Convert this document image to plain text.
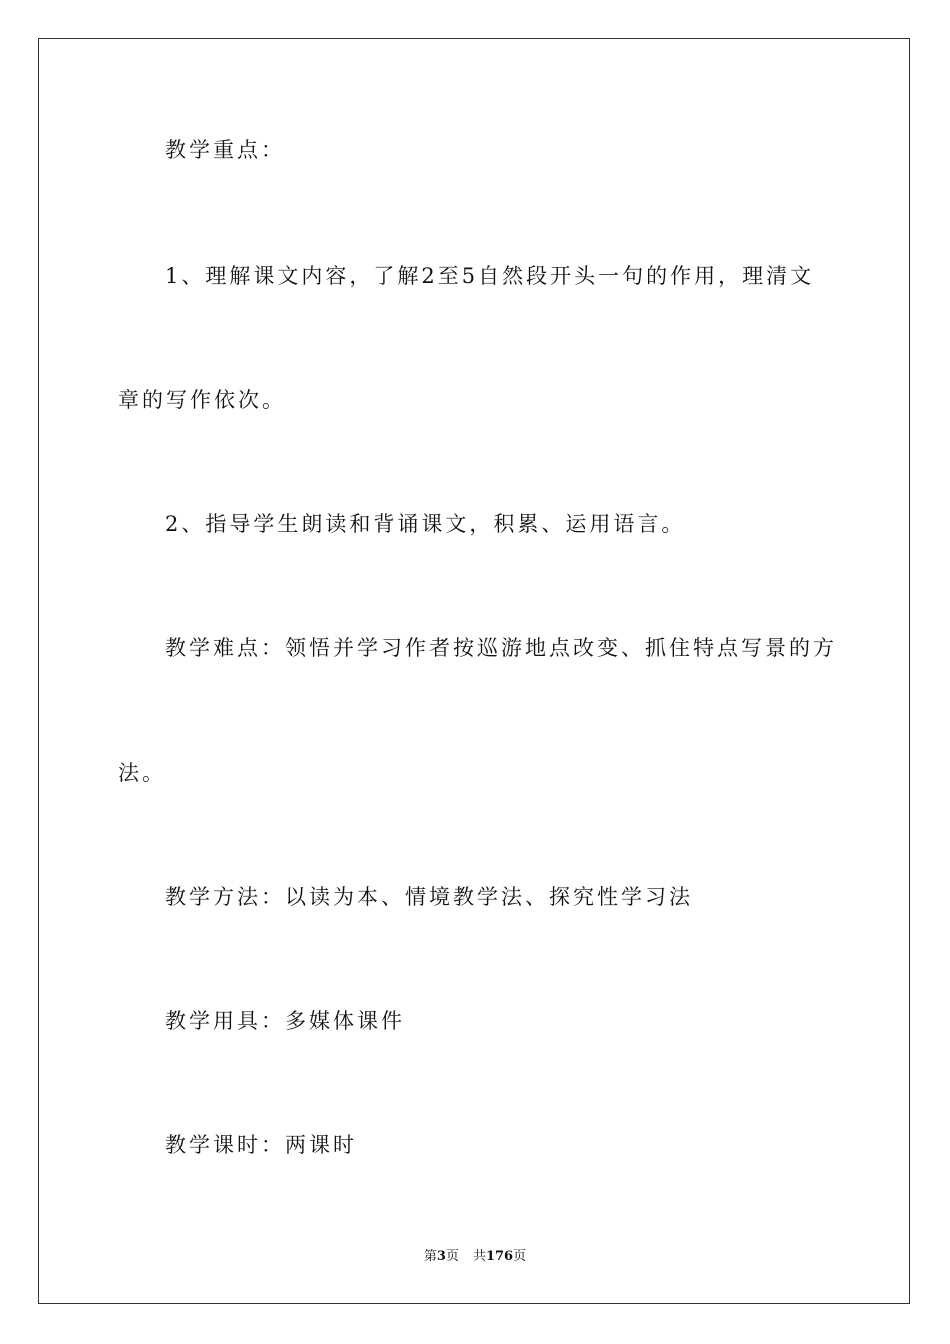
教学重点：
1、理解课文内容，了解2至5自然段开头一句的作用，理清文
章的写作依次。
2、指导学生朗读和背诵课文，积累、运用语言。
教学难点：领悟并学习作者按巡游地点改变、抓住特点写景的方
法。
教学方法：以读为本、情境教学法、探究性学习法
教学用具：多媒体课件
教学课时：两课时
第3页 共176页
